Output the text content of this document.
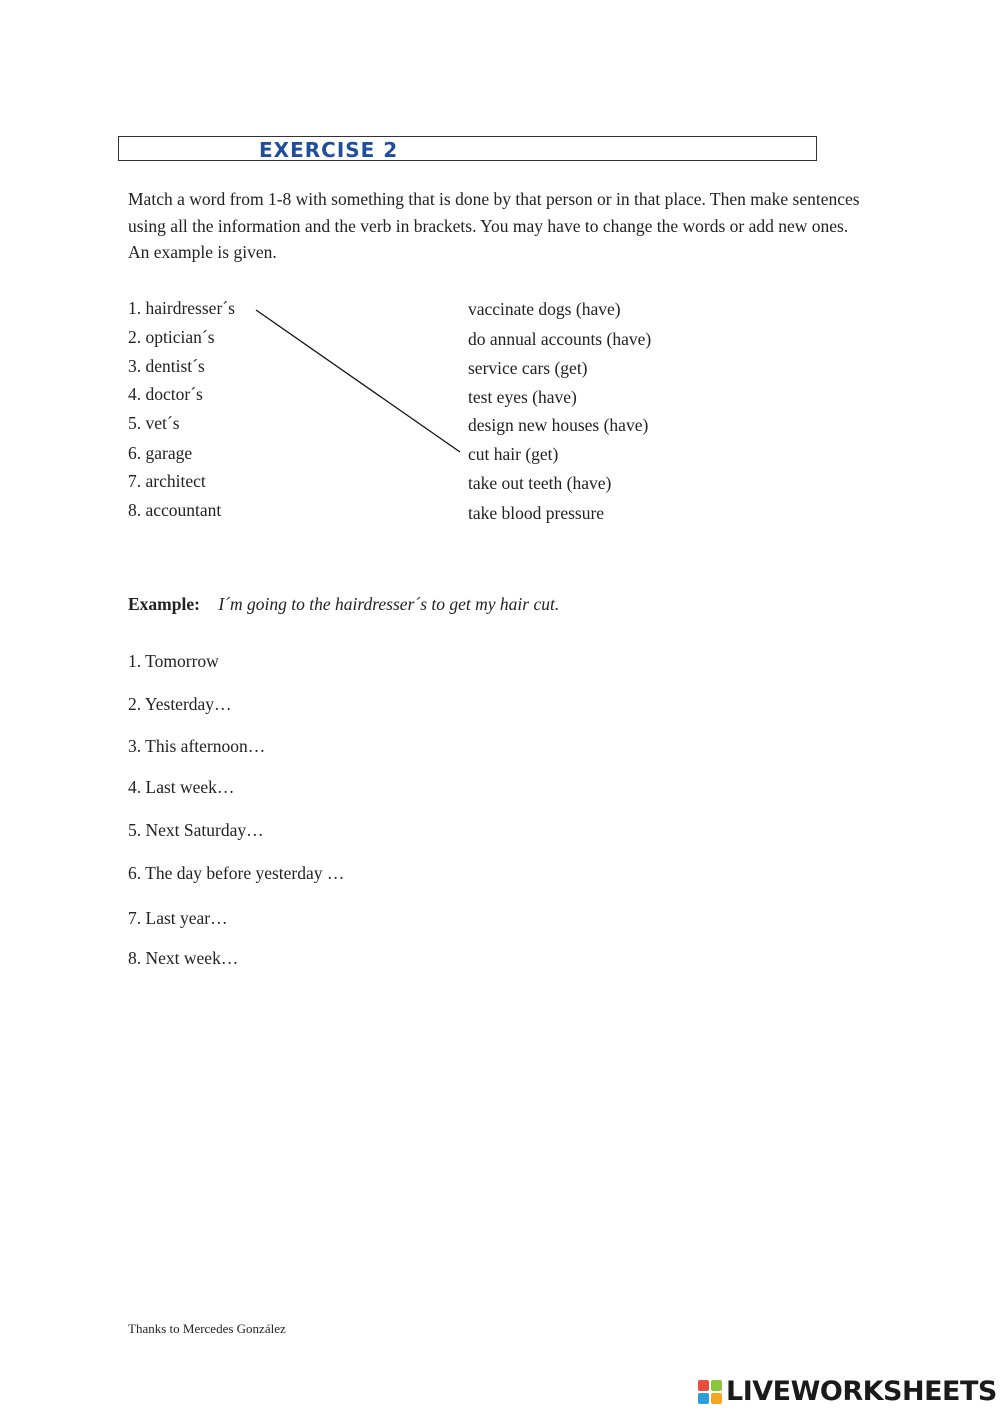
EXERCISE 2
Match a word from 1-8 with something that is done by that person or in that place. Then make sentences using all the information and the verb in brackets. You may have to change the words or add new ones. An example is given.
1. hairdresser´s
2. optician´s
3. dentist´s
4. doctor´s
5. vet´s
6. garage
7. architect
8. accountant
vaccinate dogs (have)
do annual accounts (have)
service cars (get)
test eyes (have)
design new houses (have)
cut hair (get)
take out teeth (have)
take blood pressure
Example: I´m going to the hairdresser´s to get my hair cut.
1. Tomorrow
2. Yesterday…
3. This afternoon…
4. Last week…
5. Next Saturday…
6. The day before yesterday …
7. Last year…
8. Next week…
Thanks to Mercedes González
LIVEWORKSHEETS
